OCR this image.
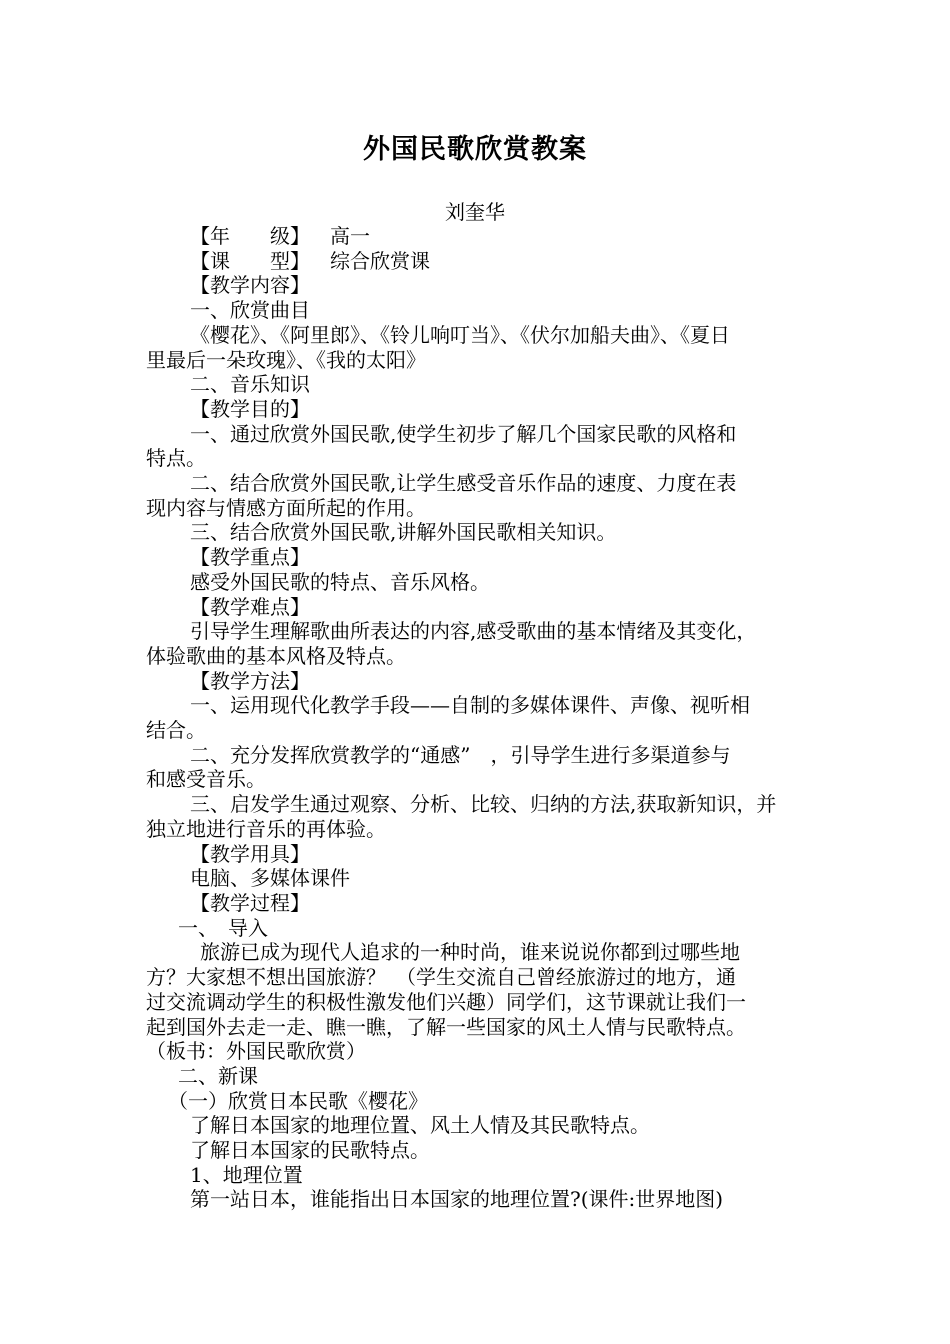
外国民歌欣赏教案
刘奎华

【年　　级】 高一

【课　　型】 综合欣赏课

【教学内容】

一、欣赏曲目

《樱花》、《阿里郎》、《铃儿响叮当》、《伏尔加船夫曲》、《夏日

里最后一朵玫瑰》、《我的太阳》

二、音乐知识

【教学目的】

一、通过欣赏外国民歌,使学生初步了解几个国家民歌的风格和

特点。

二、结合欣赏外国民歌,让学生感受音乐作品的速度、力度在表

现内容与情感方面所起的作用。

三、结合欣赏外国民歌,讲解外国民歌相关知识。

【教学重点】

感受外国民歌的特点、音乐风格。

【教学难点】

引导学生理解歌曲所表达的内容,感受歌曲的基本情绪及其变化，

体验歌曲的基本风格及特点。

【教学方法】

一、运用现代化教学手段——自制的多媒体课件、声像、视听相

结合。

二、充分发挥欣赏教学的“通感”　，引导学生进行多渠道参与

和感受音乐。

三、启发学生通过观察、分析、比较、归纳的方法,获取新知识，并

独立地进行音乐的再体验。

【教学用具】

电脑、多媒体课件

【教学过程】

一、　导入

旅游已成为现代人追求的一种时尚，谁来说说你都到过哪些地

方？大家想不想出国旅游？　（学生交流自己曾经旅游过的地方，通

过交流调动学生的积极性激发他们兴趣）同学们，这节课就让我们一

起到国外去走一走、瞧一瞧，了解一些国家的风土人情与民歌特点。

（板书：外国民歌欣赏）

二、新课

（一）欣赏日本民歌《樱花》

了解日本国家的地理位置、风土人情及其民歌特点。

了解日本国家的民歌特点。

1、地理位置

第一站日本，谁能指出日本国家的地理位置?(课件:世界地图)
